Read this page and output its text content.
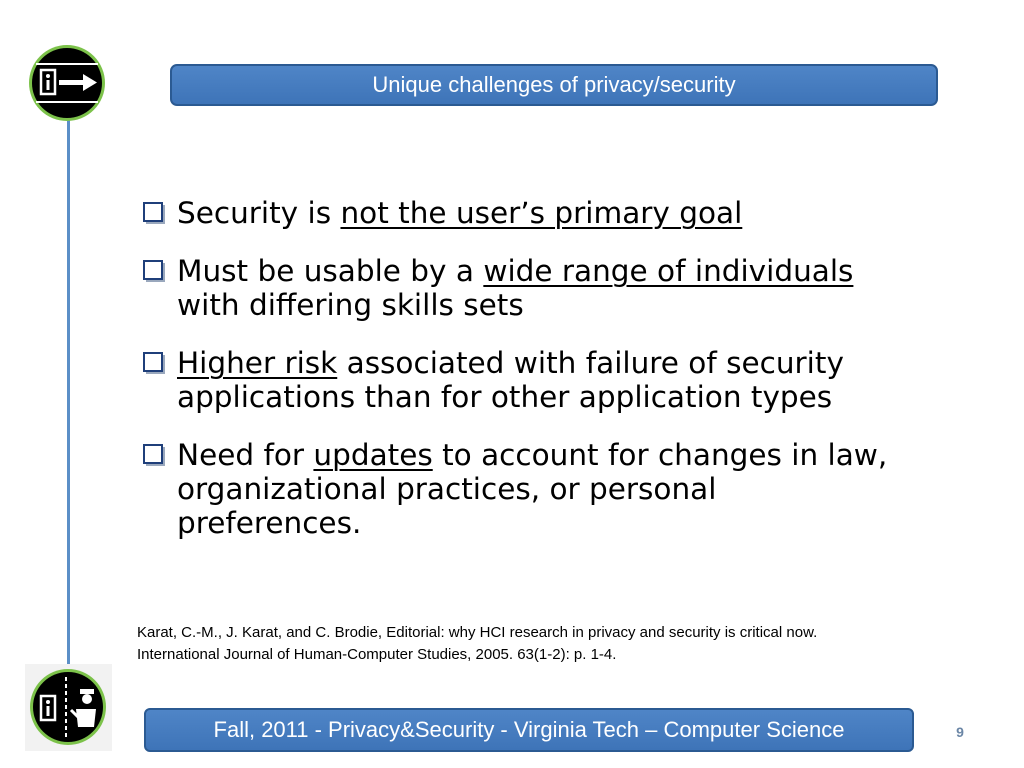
Unique challenges of privacy/security
Security is not the user’s primary goal
Must be usable by a wide range of individuals with differing skills sets
Higher risk associated with failure of security applications than for other application types
Need for updates to account for changes in law, organizational practices, or personal preferences.

Karat, C.-M., J. Karat, and C. Brodie, Editorial: why HCI research in privacy and security is critical now.

International Journal of Human-Computer Studies, 2005. 63(1-2): p. 1-4.

Fall, 2011 - Privacy&Security - Virginia Tech – Computer Science	9
